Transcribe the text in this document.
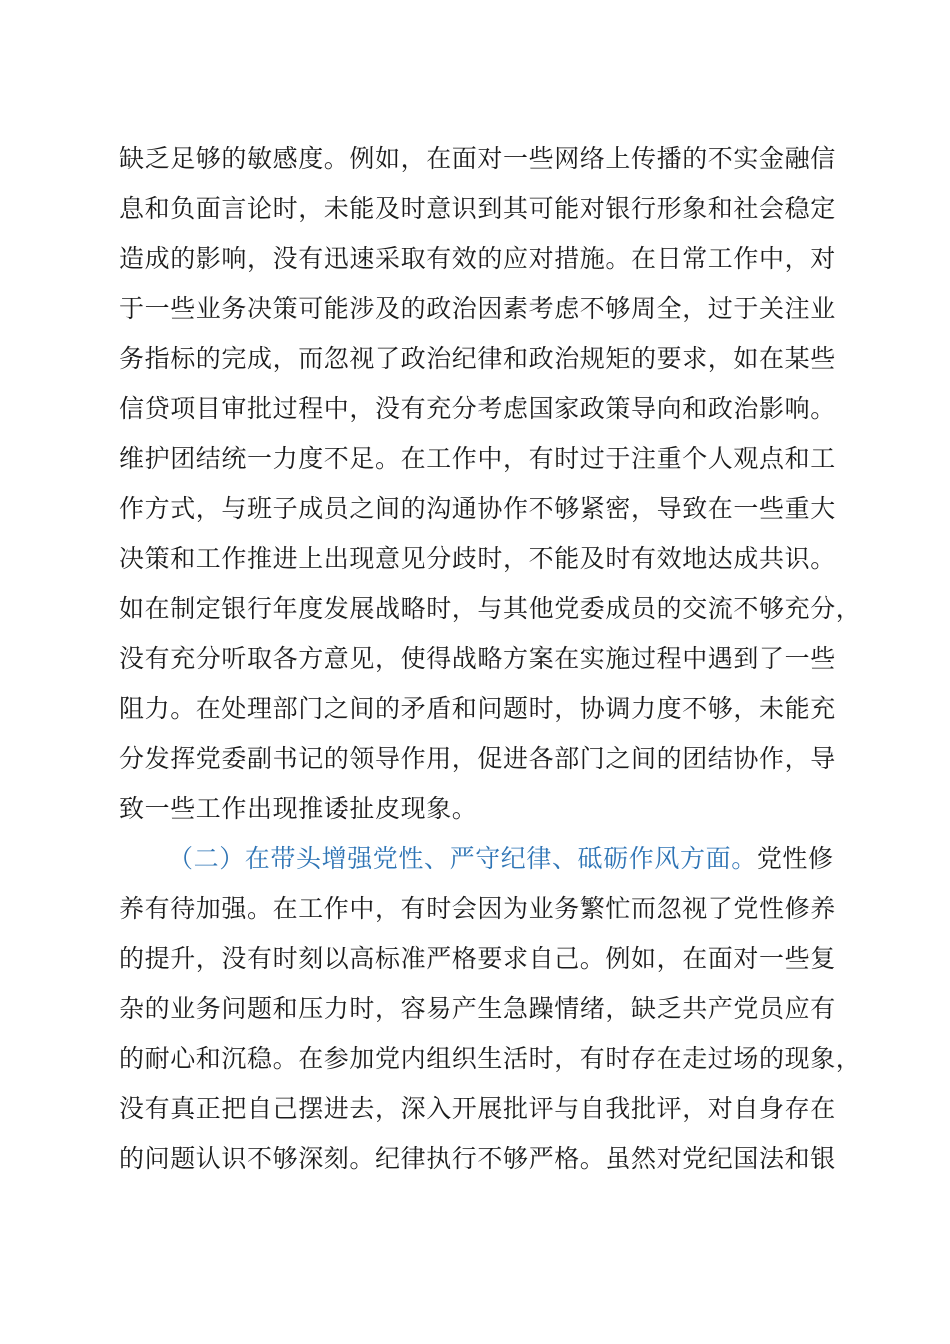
缺乏足够的敏感度。例如，在面对一些网络上传播的不实金融信
息和负面言论时，未能及时意识到其可能对银行形象和社会稳定
造成的影响，没有迅速采取有效的应对措施。在日常工作中，对
于一些业务决策可能涉及的政治因素考虑不够周全，过于关注业
务指标的完成，而忽视了政治纪律和政治规矩的要求，如在某些
信贷项目审批过程中，没有充分考虑国家政策导向和政治影响。
维护团结统一力度不足。在工作中，有时过于注重个人观点和工
作方式，与班子成员之间的沟通协作不够紧密，导致在一些重大
决策和工作推进上出现意见分歧时，不能及时有效地达成共识。
如在制定银行年度发展战略时，与其他党委成员的交流不够充分，
没有充分听取各方意见，使得战略方案在实施过程中遇到了一些
阻力。在处理部门之间的矛盾和问题时，协调力度不够，未能充
分发挥党委副书记的领导作用，促进各部门之间的团结协作，导
致一些工作出现推诿扯皮现象。
（二）在带头增强党性、严守纪律、砥砺作风方面。党性修
养有待加强。在工作中，有时会因为业务繁忙而忽视了党性修养
的提升，没有时刻以高标准严格要求自己。例如，在面对一些复
杂的业务问题和压力时，容易产生急躁情绪，缺乏共产党员应有
的耐心和沉稳。在参加党内组织生活时，有时存在走过场的现象，
没有真正把自己摆进去，深入开展批评与自我批评，对自身存在
的问题认识不够深刻。纪律执行不够严格。虽然对党纪国法和银
